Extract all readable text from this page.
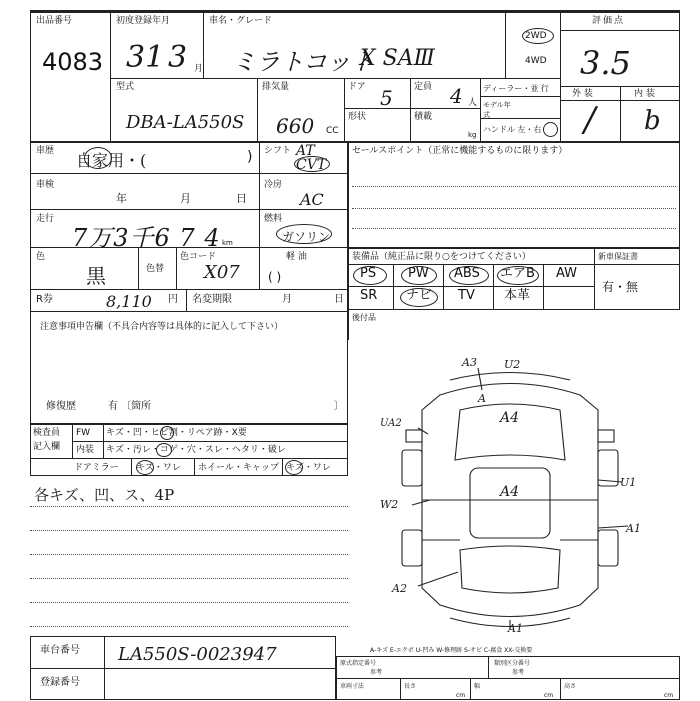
出品番号
4083
初度登録年月
31 3 月
車名・グレード
ミラトコット
X SAⅢ
2WD
4WD
評価点
3.5
型式
DBA-LA550S
排気量
660 CC
ドア 5 定員 4 人
形状	積載
kg
ディーラー・並 行
モデル年式
ハンドル 左・右
外 装	内 装
/ b
車歴 自家用・(	) シフト AT CVT
車検
年	月	日
冷房
AC
走行
7万3千6 7 4 km
燃料
ガソリン
色
黒	色替
色コード
X07
軽 油
( )
R券	8,110 円 名変期限	月	日
注意事項申告欄（不具合内容等は具体的に記入して下さい）
修復歴	有 〔箇所	〕
セールスポイント（正常に機能するものに限ります）
装備品（純正品に限り○をつけてください）	新車保証書
有・無
PS PW ABS エアB AW
SR ナビ TV 本革
後付品
検査員
記入欄
FW キズ・凹・ヒビ割・リペア跡・X要
内装 キズ・汚レ・コゲ・穴・スレ・ヘタリ・破レ
ドアミラー キズ・ワレ ホイール・キャップ キズ・ワレ
各キズ、凹、ス、4P
A3 U2
A
A4
A4
UA2
U1
W2
A1
A2
A1
車台番号 LA550S-0023947
登録番号
A-キズ E-エクボ U-凹み W-修理跡 S-サビ C-腐食 XX-交換要
原式指定番号	類別区分番号
参考	参考
車両寸法	長さ	幅	高さ
cm	cm	cm
